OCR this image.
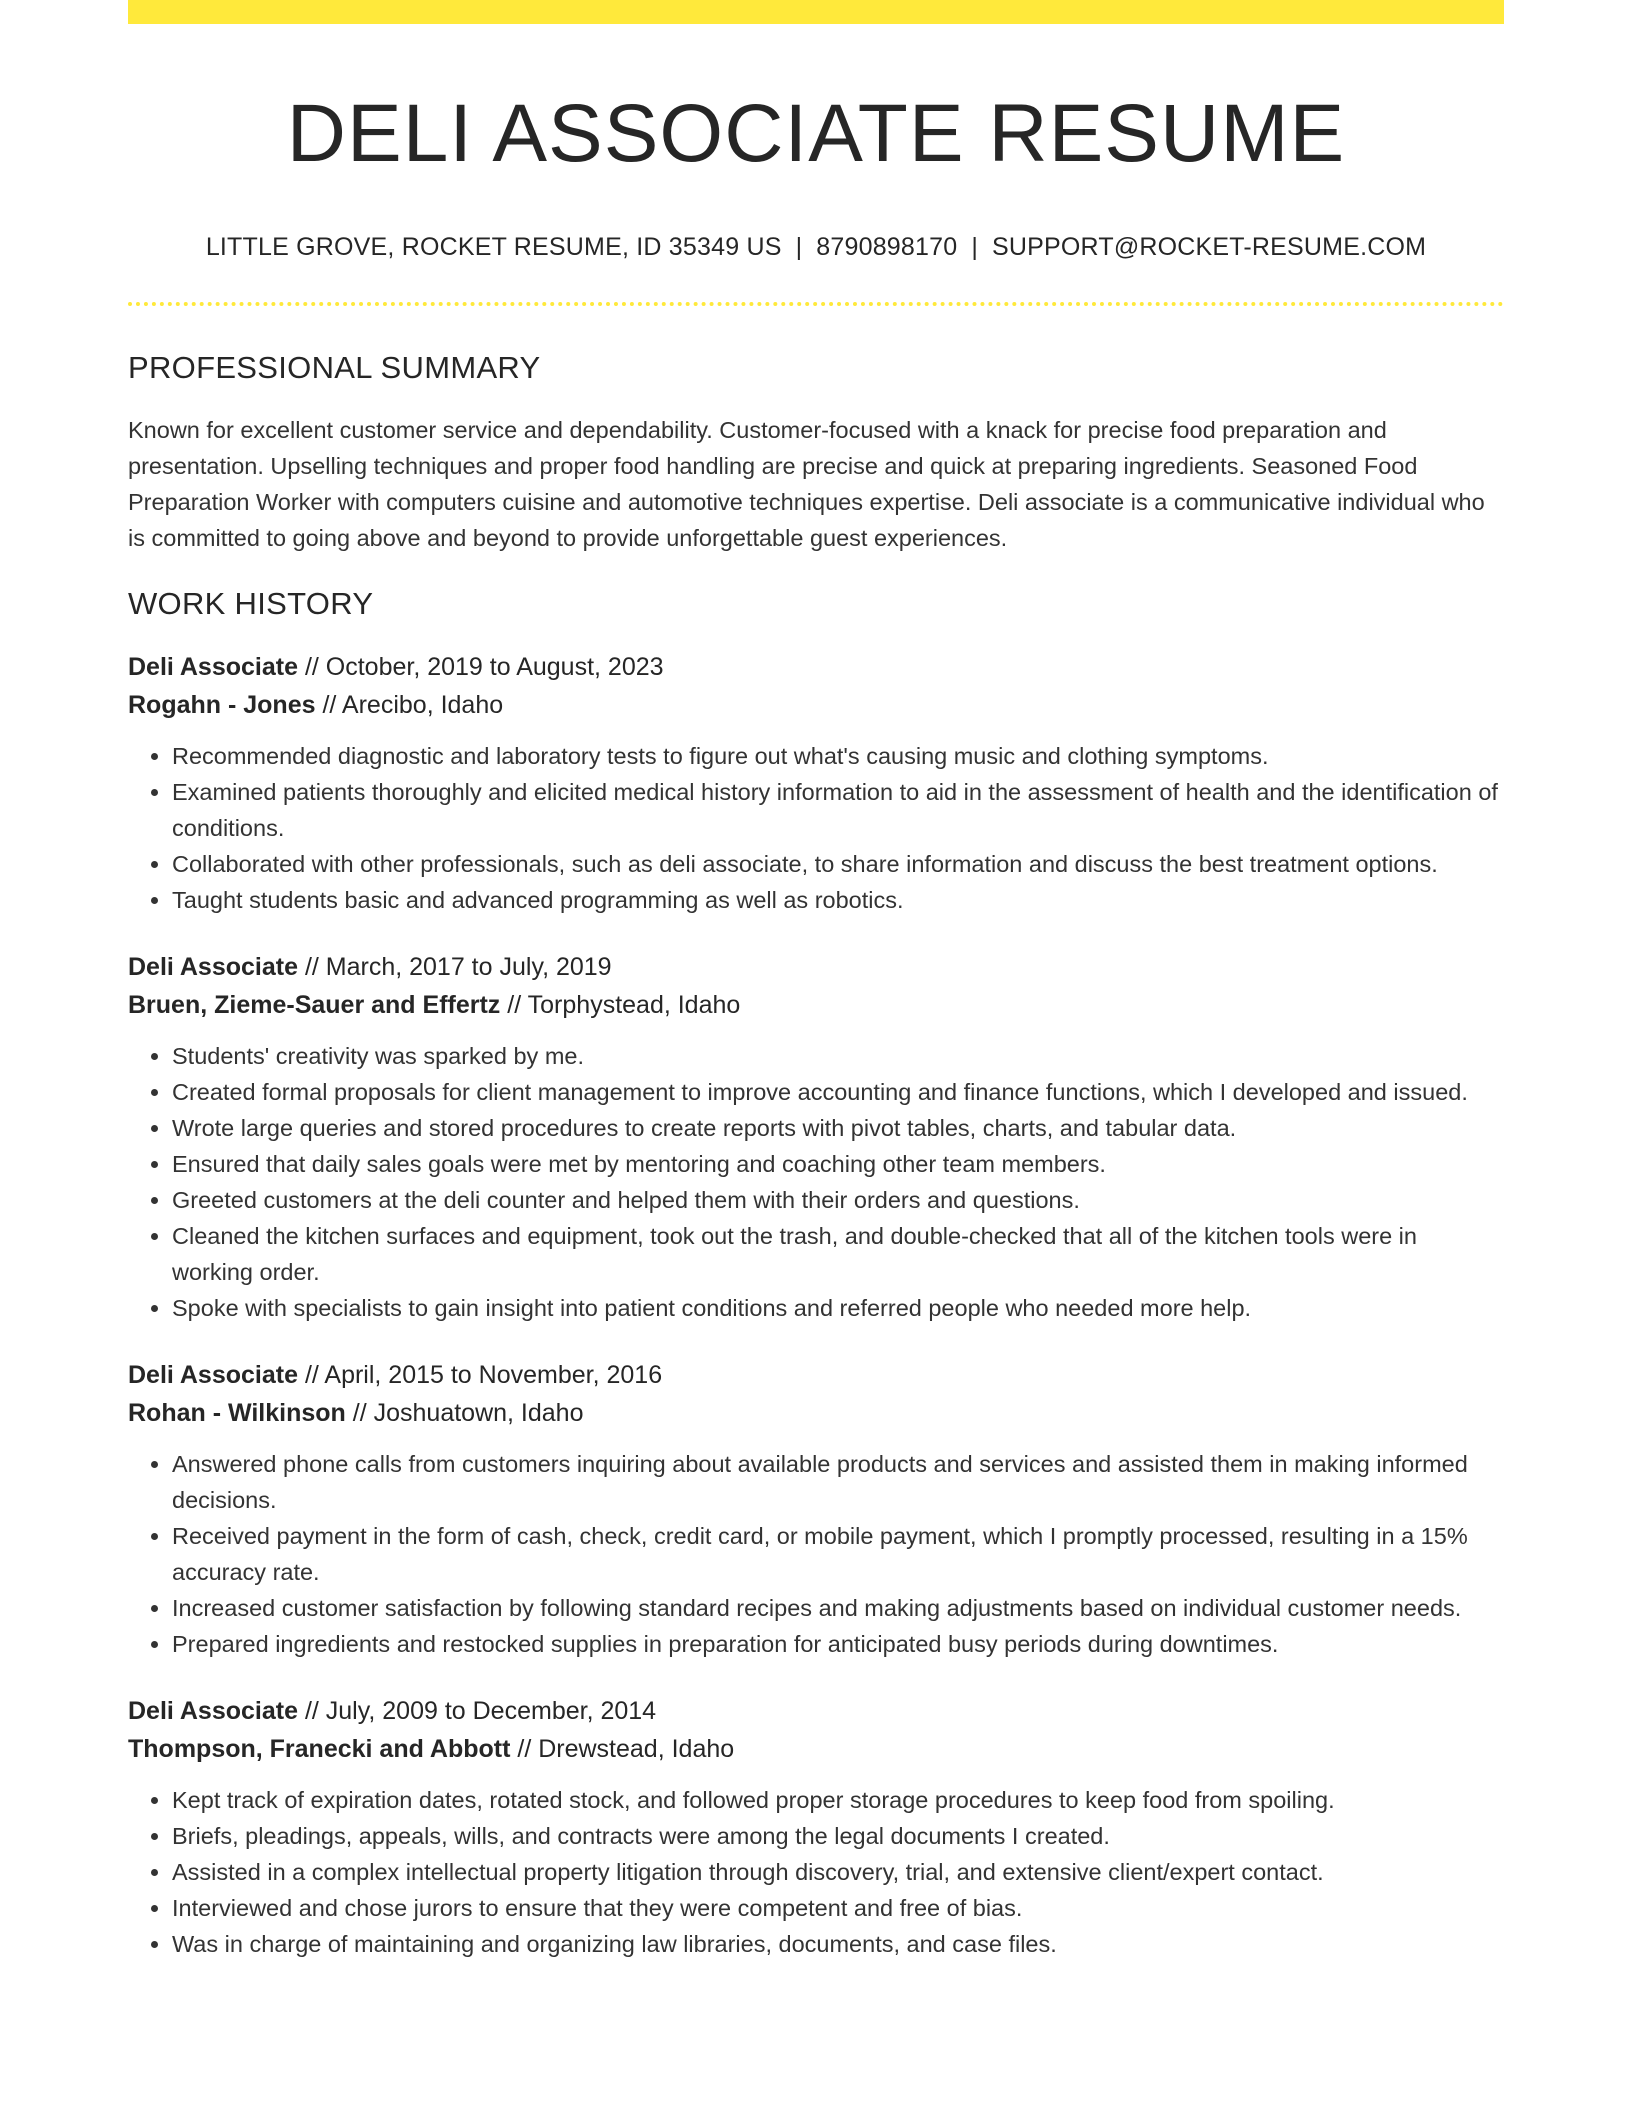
DELI ASSOCIATE RESUME
LITTLE GROVE, ROCKET RESUME, ID 35349 US | 8790898170 | SUPPORT@ROCKET-RESUME.COM
PROFESSIONAL SUMMARY

Known for excellent customer service and dependability. Customer-focused with a knack for precise food preparation and presentation. Upselling techniques and proper food handling are precise and quick at preparing ingredients. Seasoned Food Preparation Worker with computers cuisine and automotive techniques expertise. Deli associate is a communicative individual who is committed to going above and beyond to provide unforgettable guest experiences.

WORK HISTORY
Deli Associate // October, 2019 to August, 2023
Rogahn - Jones // Arecibo, Idaho
• Recommended diagnostic and laboratory tests to figure out what's causing music and clothing symptoms.
• Examined patients thoroughly and elicited medical history information to aid in the assessment of health and the identification of conditions.
• Collaborated with other professionals, such as deli associate, to share information and discuss the best treatment options.
• Taught students basic and advanced programming as well as robotics.
Deli Associate // March, 2017 to July, 2019
Bruen, Zieme-Sauer and Effertz // Torphystead, Idaho
• Students' creativity was sparked by me.
• Created formal proposals for client management to improve accounting and finance functions, which I developed and issued.
• Wrote large queries and stored procedures to create reports with pivot tables, charts, and tabular data.
• Ensured that daily sales goals were met by mentoring and coaching other team members.
• Greeted customers at the deli counter and helped them with their orders and questions.
• Cleaned the kitchen surfaces and equipment, took out the trash, and double-checked that all of the kitchen tools were in working order.
• Spoke with specialists to gain insight into patient conditions and referred people who needed more help.
Deli Associate // April, 2015 to November, 2016
Rohan - Wilkinson // Joshuatown, Idaho
• Answered phone calls from customers inquiring about available products and services and assisted them in making informed decisions.
• Received payment in the form of cash, check, credit card, or mobile payment, which I promptly processed, resulting in a 15% accuracy rate.
• Increased customer satisfaction by following standard recipes and making adjustments based on individual customer needs.
• Prepared ingredients and restocked supplies in preparation for anticipated busy periods during downtimes.
Deli Associate // July, 2009 to December, 2014
Thompson, Franecki and Abbott // Drewstead, Idaho
• Kept track of expiration dates, rotated stock, and followed proper storage procedures to keep food from spoiling.
• Briefs, pleadings, appeals, wills, and contracts were among the legal documents I created.
• Assisted in a complex intellectual property litigation through discovery, trial, and extensive client/expert contact.
• Interviewed and chose jurors to ensure that they were competent and free of bias.
• Was in charge of maintaining and organizing law libraries, documents, and case files.
